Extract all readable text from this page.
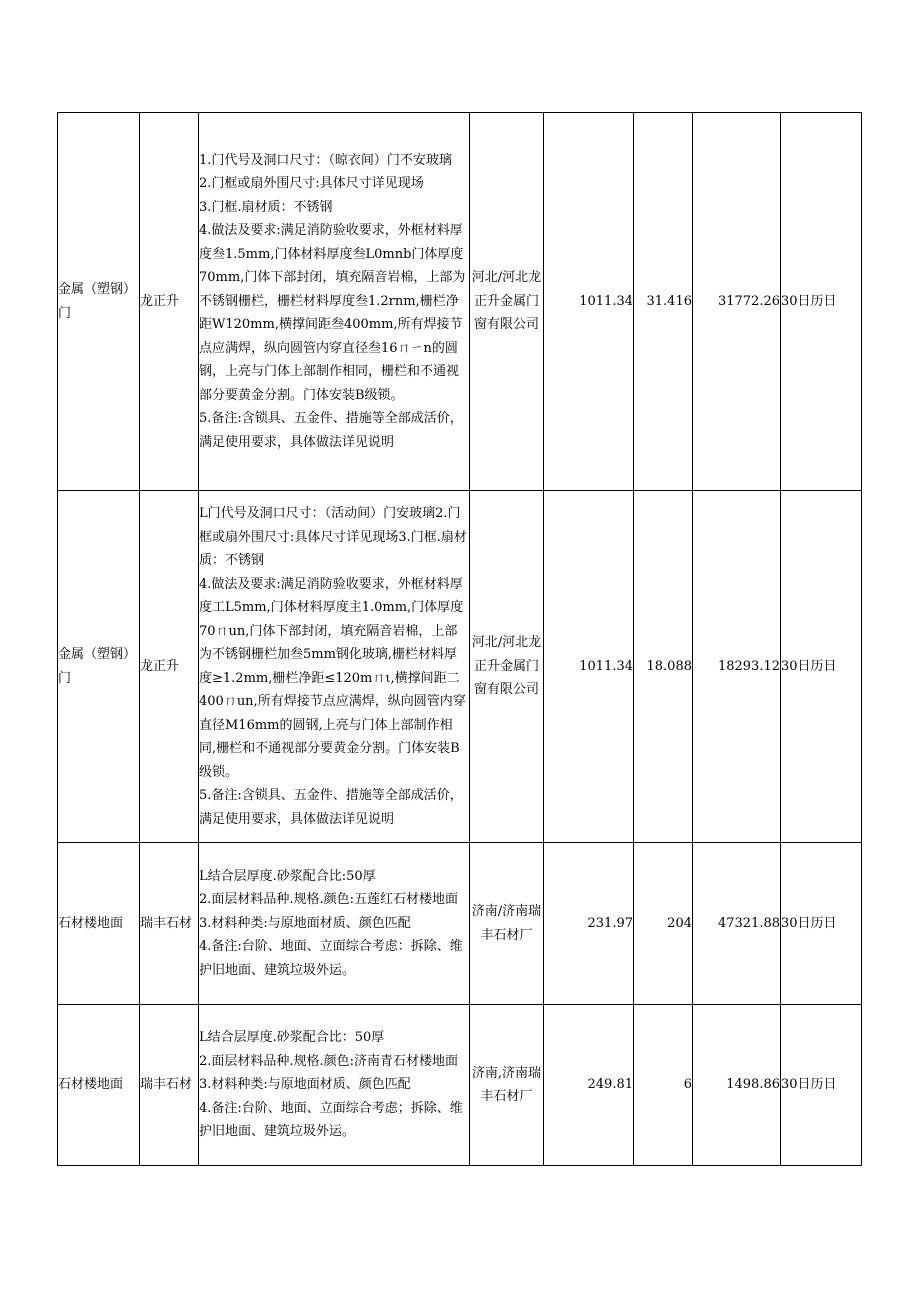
金属（塑钢）门	龙正升	1.门代号及洞口尺寸：（晾衣间）门不安玻璃
2.门框或扇外围尺寸:具体尺寸详见现场
3.门框.扇材质：不锈钢
4.做法及要求:满足消防验收要求，外框材料厚度叁1.5mm,门体材料厚度叁L0mnb门体厚度70mm,门体下部封闭，填充隔音岩棉，上部为不锈钢栅栏，栅栏材料厚度叁1.2rnm,栅栏净距W120mm,横撑间距叁400mm,所有焊接节点应满焊，纵向圆管内穿直径叁16ㄇㄧn的圆钢，上亮与门体上部制作相同，栅栏和不通视部分要黄金分割。门体安装B级锁。
5.备注:含锁具、五金件、措施等全部成活价，满足使用要求，具体做法详见说明	河北/河北龙正升金属门窗有限公司	1011.34	31.416	31772.26	30日历日
金属（塑钢）门	龙正升	L门代号及洞口尺寸：（活动间）门安玻璃2.门框或扇外围尺寸:具体尺寸详见现场3.门框.扇材质：不锈钢
4.做法及要求:满足消防验收要求，外框材料厚度工L5mm,门体材料厚度主1.0mm,门体厚度70ㄇun,门体下部封闭，填充隔音岩棉，上部为不锈钢栅栏加叁5mm钢化玻璃,栅栏材料厚度≥1.2mm,栅栏净距≤120mㄇι,横撑间距二400ㄇun,所有焊接节点应满焊，纵向圆管内穿直径M16mm的圆钢,上亮与门体上部制作相同,栅栏和不通视部分要黄金分割。门体安装B级锁。
5.备注:含锁具、五金件、措施等全部成活价，满足使用要求，具体做法详见说明	河北/河北龙正升金属门窗有限公司	1011.34	18.088	18293.12	30日历日
石材楼地面	瑞丰石材	L结合层厚度.砂浆配合比:50厚
2.面层材料品种.规格.颜色:五莲红石材楼地面
3.材料种类:与原地面材质、颜色匹配
4.备注:台阶、地面、立面综合考虑：拆除、维护旧地面、建筑垃圾外运。	济南/济南瑞丰石材厂	231.97	204	47321.88	30日历日
石材楼地面	瑞丰石材	L结合层厚度.砂浆配合比：50厚
2.面层材料品种.规格.颜色:济南青石材楼地面
3.材料种类:与原地面材质、颜色匹配
4.备注:台阶、地面、立面综合考虑；拆除、维护旧地面、建筑垃圾外运。	济南,济南瑞丰石材厂	249.81	6	1498.86	30日历日
